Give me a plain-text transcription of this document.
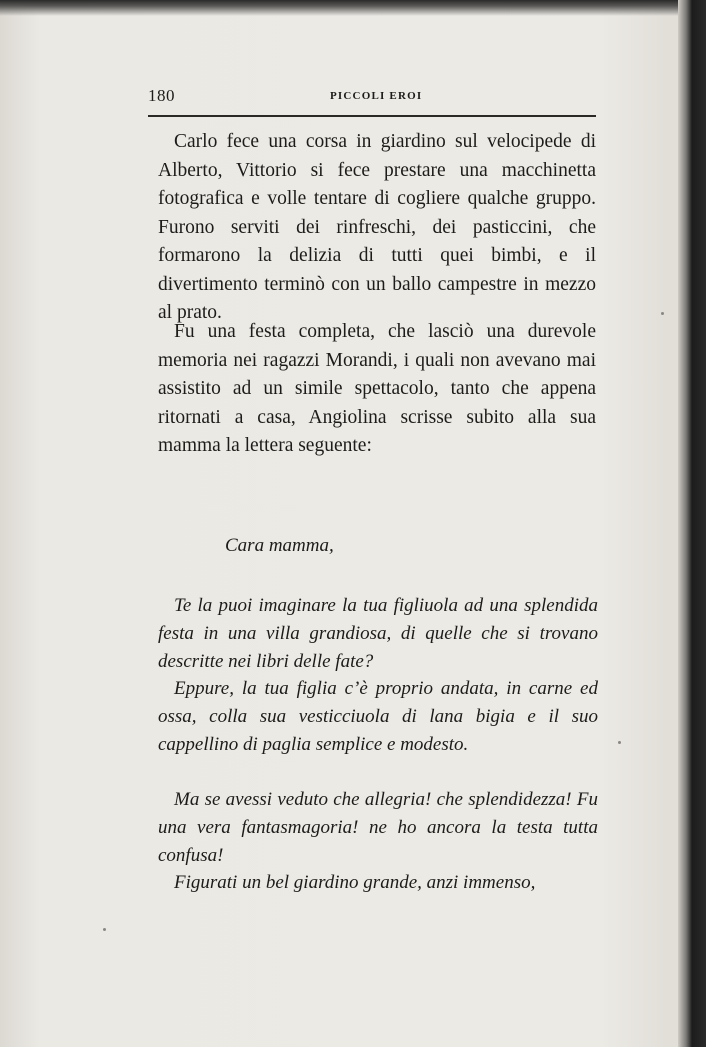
180	PICCOLI EROI

Carlo fece una corsa in giardino sul velocipede di Alberto, Vittorio si fece prestare una macchinetta fotografica e volle tentare di cogliere qualche gruppo. Furono serviti dei rinfreschi, dei pasticcini, che formarono la delizia di tutti quei bimbi, e il divertimento terminò con un ballo campestre in mezzo al prato.

Fu una festa completa, che lasciò una durevole memoria nei ragazzi Morandi, i quali non avevano mai assistito ad un simile spettacolo, tanto che appena ritornati a casa, Angiolina scrisse subito alla sua mamma la lettera seguente:

Cara mamma,

Te la puoi imaginare la tua figliuola ad una splendida festa in una villa grandiosa, di quelle che si trovano descritte nei libri delle fate?

Eppure, la tua figlia c’è proprio andata, in carne ed ossa, colla sua vesticciuola di lana bigia e il suo cappellino di paglia semplice e modesto.

Ma se avessi veduto che allegria! che splendidezza! Fu una vera fantasmagoria! ne ho ancora la testa tutta confusa!

Figurati un bel giardino grande, anzi immenso,
